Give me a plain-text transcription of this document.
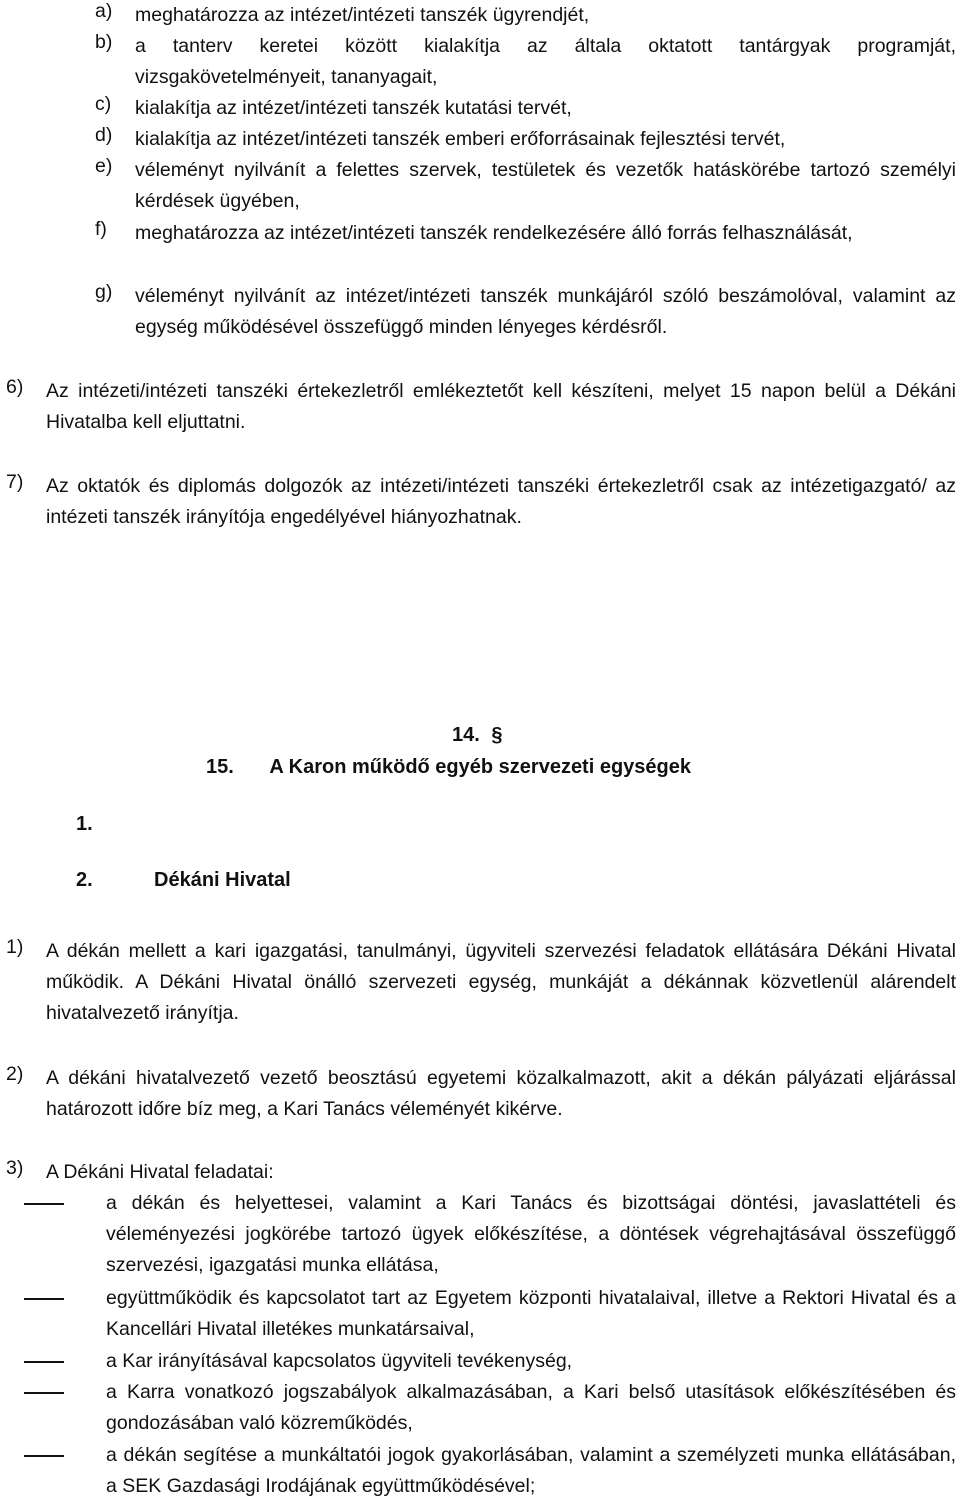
a) meghatározza az intézet/intézeti tanszék ügyrendjét,
b) a tanterv keretei között kialakítja az általa oktatott tantárgyak programját, vizsgakövetelményeit, tananyagait,
c) kialakítja az intézet/intézeti tanszék kutatási tervét,
d) kialakítja az intézet/intézeti tanszék emberi erőforrásainak fejlesztési tervét,
e) véleményt nyilvánít a felettes szervek, testületek és vezetők hatáskörébe tartozó személyi kérdések ügyében,
f) meghatározza az intézet/intézeti tanszék rendelkezésére álló forrás felhasználását,
g) véleményt nyilvánít az intézet/intézeti tanszék munkájáról szóló beszámolóval, valamint az egység működésével összefüggő minden lényeges kérdésről.
6) Az intézeti/intézeti tanszéki értekezletről emlékeztetőt kell készíteni, melyet 15 napon belül a Dékáni Hivatalba kell eljuttatni.
7) Az oktatók és diplomás dolgozók az intézeti/intézeti tanszéki értekezletről csak az intézetigazgató/ az intézeti tanszék irányítója engedélyével hiányozhatnak.
14. §
15. A Karon működő egyéb szervezeti egységek
1.
2.	Dékáni Hivatal
1) A dékán mellett a kari igazgatási, tanulmányi, ügyviteli szervezési feladatok ellátására Dékáni Hivatal működik. A Dékáni Hivatal önálló szervezeti egység, munkáját a dékánnak közvetlenül alárendelt hivatalvezető irányítja.
2) A dékáni hivatalvezető vezető beosztású egyetemi közalkalmazott, akit a dékán pályázati eljárással határozott időre bíz meg, a Kari Tanács véleményét kikérve.
3) A Dékáni Hivatal feladatai:
a dékán és helyettesei, valamint a Kari Tanács és bizottságai döntési, javaslattételi és véleményezési jogkörébe tartozó ügyek előkészítése, a döntések végrehajtásával összefüggő szervezési, igazgatási munka ellátása,
együttműködik és kapcsolatot tart az Egyetem központi hivatalaival, illetve a Rektori Hivatal és a Kancellári Hivatal illetékes munkatársaival,
a Kar irányításával kapcsolatos ügyviteli tevékenység,
a Karra vonatkozó jogszabályok alkalmazásában, a Kari belső utasítások előkészítésében és gondozásában való közreműködés,
a dékán segítése a munkáltatói jogok gyakorlásában, valamint a személyzeti munka ellátásában, a SEK Gazdasági Irodájának együttműködésével;
